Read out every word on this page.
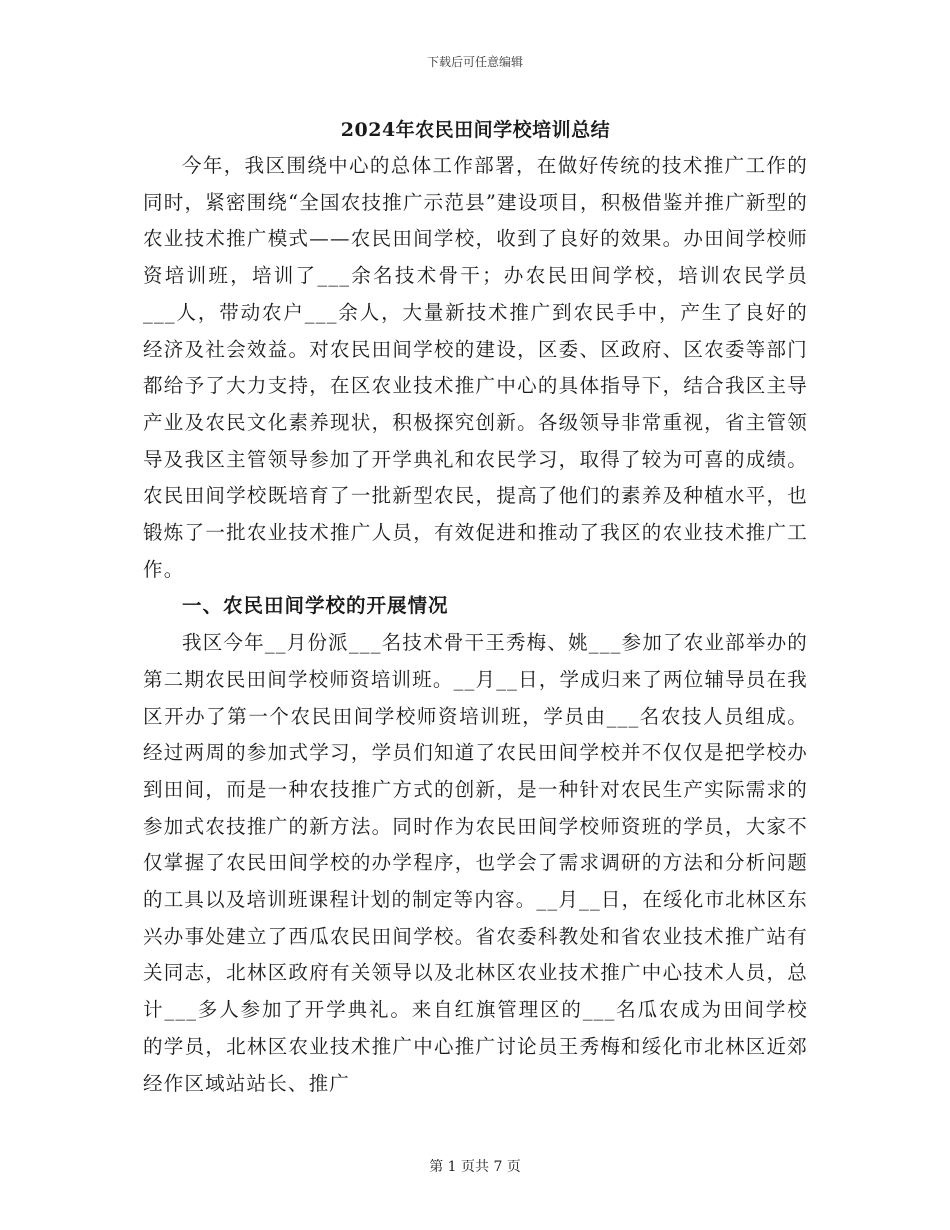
下载后可任意编辑
2024年农民田间学校培训总结

今年，我区围绕中心的总体工作部署，在做好传统的技术推广工作的同时，紧密围绕“全国农技推广示范县”建设项目，积极借鉴并推广新型的农业技术推广模式——农民田间学校，收到了良好的效果。办田间学校师资培训班，培训了___余名技术骨干；办农民田间学校，培训农民学员___人，带动农户___余人，大量新技术推广到农民手中，产生了良好的经济及社会效益。对农民田间学校的建设，区委、区政府、区农委等部门都给予了大力支持，在区农业技术推广中心的具体指导下，结合我区主导产业及农民文化素养现状，积极探究创新。各级领导非常重视，省主管领导及我区主管领导参加了开学典礼和农民学习，取得了较为可喜的成绩。农民田间学校既培育了一批新型农民，提高了他们的素养及种植水平，也锻炼了一批农业技术推广人员，有效促进和推动了我区的农业技术推广工作。

一、农民田间学校的开展情况

我区今年__月份派___名技术骨干王秀梅、姚___参加了农业部举办的第二期农民田间学校师资培训班。__月__日，学成归来了两位辅导员在我区开办了第一个农民田间学校师资培训班，学员由___名农技人员组成。经过两周的参加式学习，学员们知道了农民田间学校并不仅仅是把学校办到田间，而是一种农技推广方式的创新，是一种针对农民生产实际需求的参加式农技推广的新方法。同时作为农民田间学校师资班的学员，大家不仅掌握了农民田间学校的办学程序，也学会了需求调研的方法和分析问题的工具以及培训班课程计划的制定等内容。__月__日，在绥化市北林区东兴办事处建立了西瓜农民田间学校。省农委科教处和省农业技术推广站有关同志，北林区政府有关领导以及北林区农业技术推广中心技术人员，总计___多人参加了开学典礼。来自红旗管理区的___名瓜农成为田间学校的学员，北林区农业技术推广中心推广讨论员王秀梅和绥化市北林区近郊经作区域站站长、推广

第 1 页共 7 页
